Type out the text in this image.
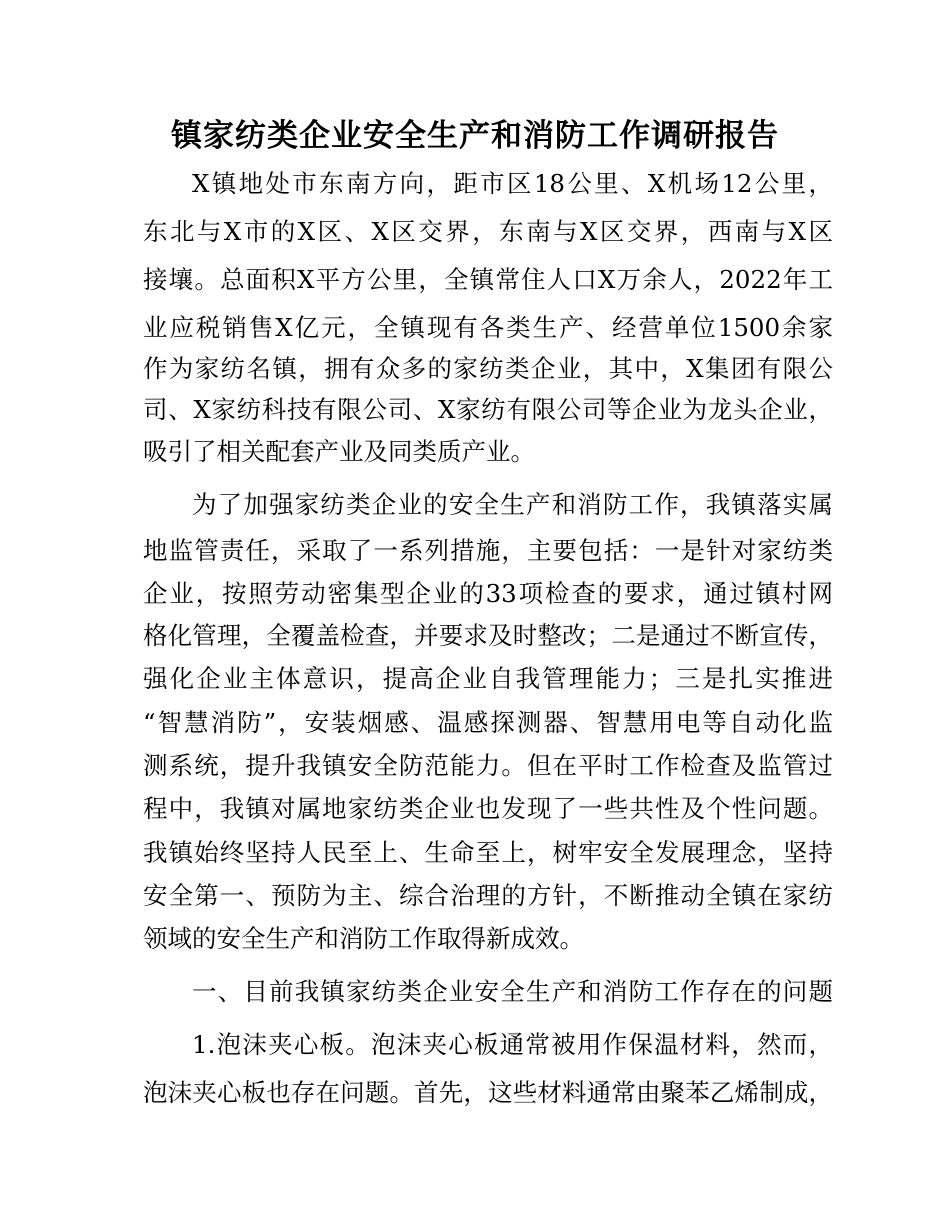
镇家纺类企业安全生产和消防工作调研报告
X镇地处市东南方向，距市区18公里、X机场12公里，
东北与X市的X区、X区交界，东南与X区交界，西南与X区
接壤。总面积X平方公里，全镇常住人口X万余人，2022年工
业应税销售X亿元，全镇现有各类生产、经营单位1500余家
作为家纺名镇，拥有众多的家纺类企业，其中，X集团有限公
司、X家纺科技有限公司、X家纺有限公司等企业为龙头企业，
吸引了相关配套产业及同类质产业。
为了加强家纺类企业的安全生产和消防工作，我镇落实属
地监管责任，采取了一系列措施，主要包括：一是针对家纺类
企业，按照劳动密集型企业的33项检查的要求，通过镇村网
格化管理，全覆盖检查，并要求及时整改；二是通过不断宣传，
强化企业主体意识，提高企业自我管理能力；三是扎实推进
“智慧消防”，安装烟感、温感探测器、智慧用电等自动化监
测系统，提升我镇安全防范能力。但在平时工作检查及监管过
程中，我镇对属地家纺类企业也发现了一些共性及个性问题。
我镇始终坚持人民至上、生命至上，树牢安全发展理念，坚持
安全第一、预防为主、综合治理的方针，不断推动全镇在家纺
领域的安全生产和消防工作取得新成效。
一、目前我镇家纺类企业安全生产和消防工作存在的问题
1.泡沫夹心板。泡沫夹心板通常被用作保温材料，然而，
泡沫夹心板也存在问题。首先，这些材料通常由聚苯乙烯制成，
